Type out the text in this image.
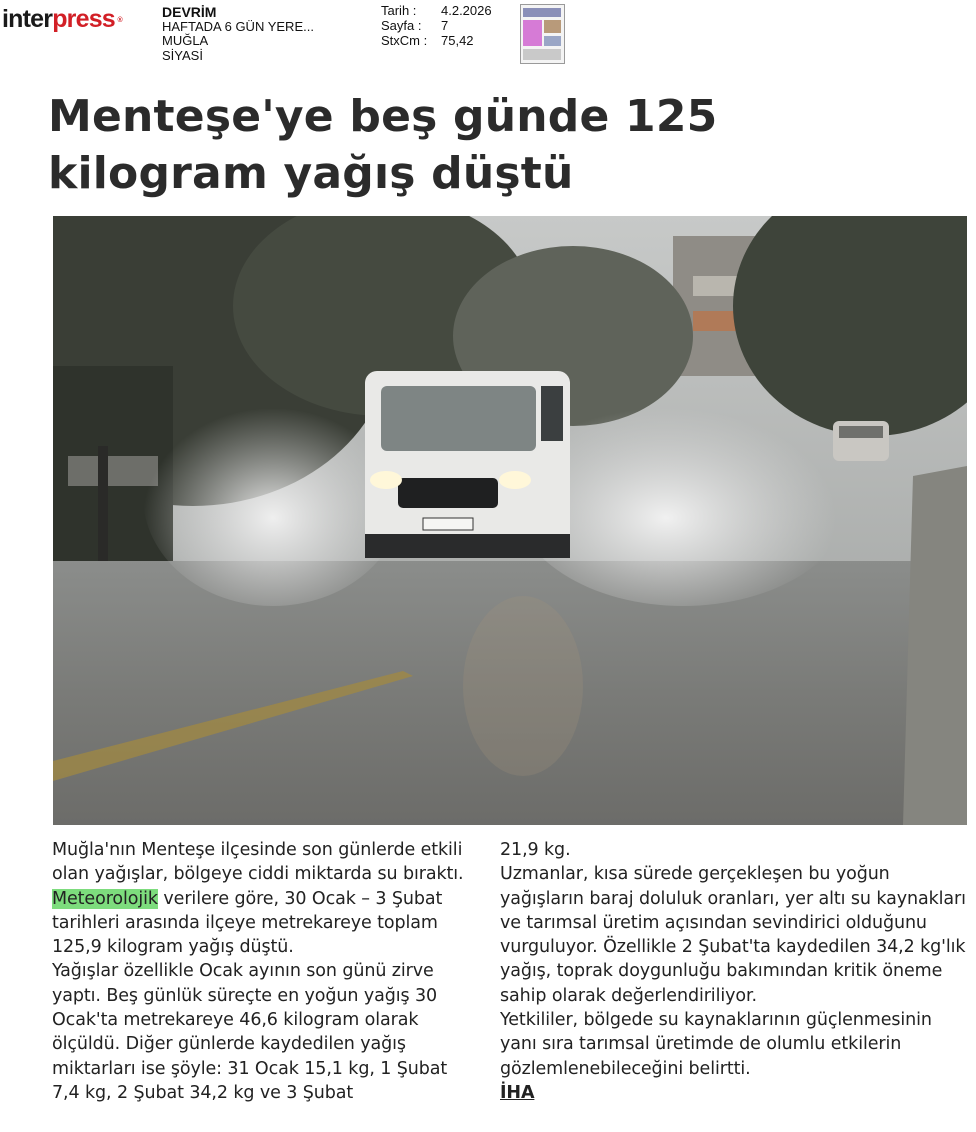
interpress ®
DEVRİM
HAFTADA 6 GÜN YERE...
MUĞLA
SİYASİ
Tarih :	4.2.2026
Sayfa :	7
StxCm :	75,42
Menteşe'ye beş günde 125 kilogram yağış düştü

Muğla'nın Menteşe ilçesinde son günlerde etkili olan yağışlar, bölgeye ciddi miktarda su bıraktı. Meteorolojik verilere göre, 30 Ocak – 3 Şubat tarihleri arasında ilçeye metrekareye toplam 125,9 kilogram yağış düştü.

Yağışlar özellikle Ocak ayının son günü zirve yaptı. Beş günlük süreçte en yoğun yağış 30 Ocak'ta metrekareye 46,6 kilogram olarak ölçüldü. Diğer günlerde kaydedilen yağış miktarları ise şöyle: 31 Ocak 15,1 kg, 1 Şubat 7,4 kg, 2 Şubat 34,2 kg ve 3 Şubat

21,9 kg.

Uzmanlar, kısa sürede gerçekleşen bu yoğun yağışların baraj doluluk oranları, yer altı su kaynakları ve tarımsal üretim açısından sevindirici olduğunu vurguluyor. Özellikle 2 Şubat'ta kaydedilen 34,2 kg'lık yağış, toprak doygunluğu bakımından kritik öneme sahip olarak değerlendiriliyor.

Yetkililer, bölgede su kaynaklarının güçlenmesinin yanı sıra tarımsal üretimde de olumlu etkilerin gözlemlenebileceğini belirtti.

İHA
